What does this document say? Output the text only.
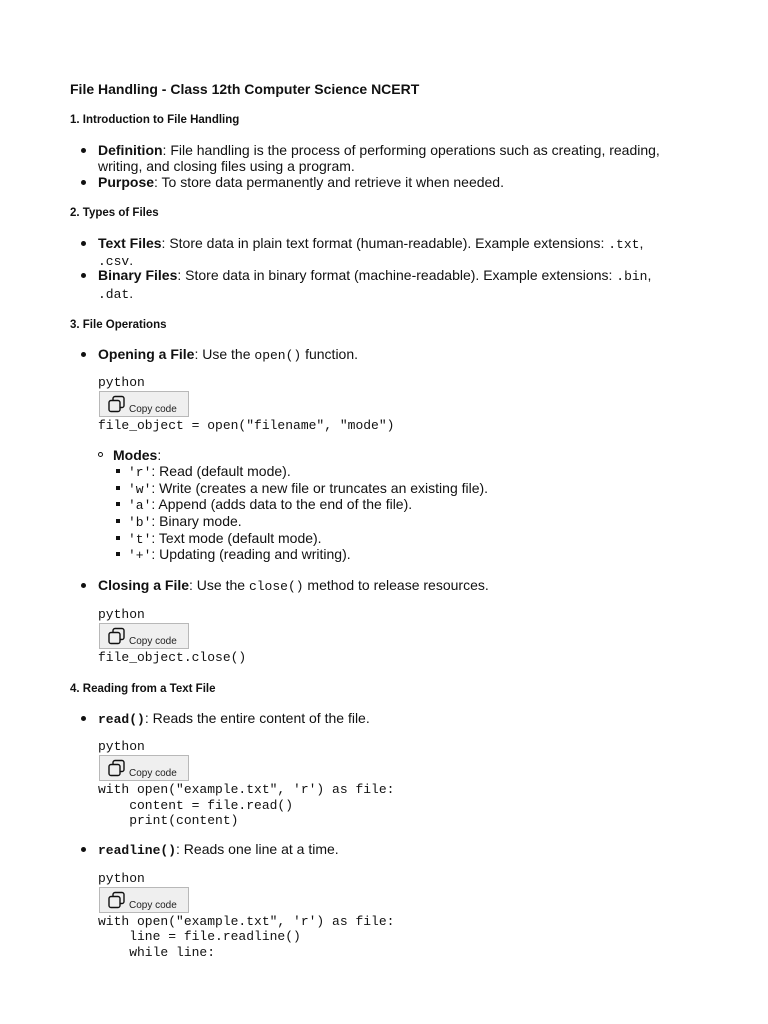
File Handling - Class 12th Computer Science NCERT
1. Introduction to File Handling
Definition: File handling is the process of performing operations such as creating, reading,
writing, and closing files using a program.
Purpose: To store data permanently and retrieve it when needed.
2. Types of Files
Text Files: Store data in plain text format (human-readable). Example extensions: .txt,
.csv.
Binary Files: Store data in binary format (machine-readable). Example extensions: .bin,
.dat.
3. File Operations
Opening a File: Use the open() function.
python
Copy code
file_object = open("filename", "mode")
Modes:
'r': Read (default mode).
'w': Write (creates a new file or truncates an existing file).
'a': Append (adds data to the end of the file).
'b': Binary mode.
't': Text mode (default mode).
'+': Updating (reading and writing).
Closing a File: Use the close() method to release resources.
python
Copy code
file_object.close()
4. Reading from a Text File
read(): Reads the entire content of the file.
python
Copy code
with open("example.txt", 'r') as file:
content = file.read()
print(content)
readline(): Reads one line at a time.
python
Copy code
with open("example.txt", 'r') as file:
line = file.readline()
while line:
